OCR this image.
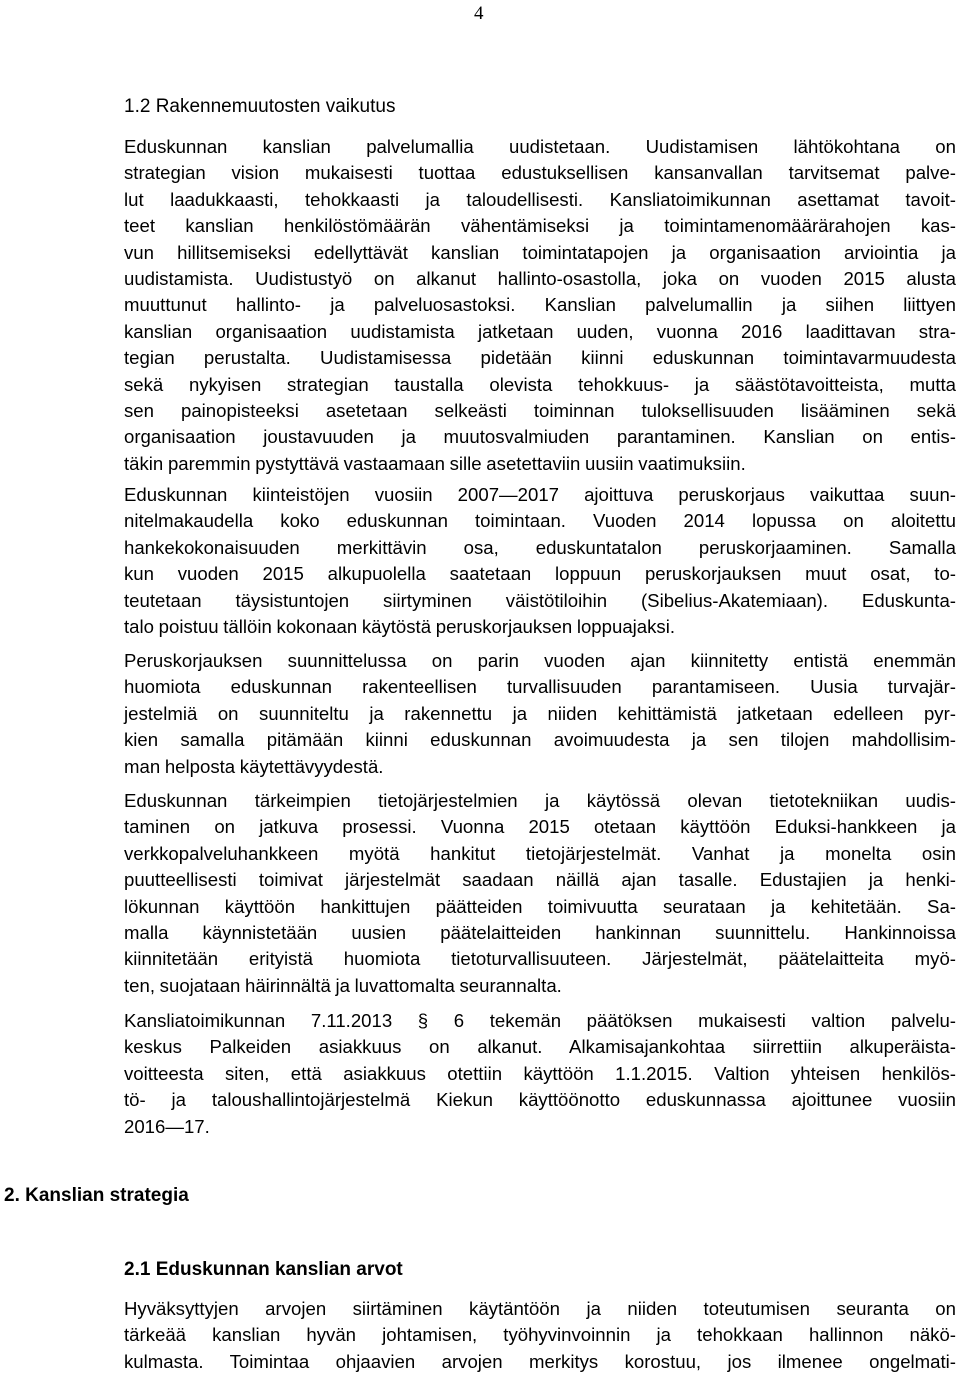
4
1.2 Rakennemuutosten vaikutus
Eduskunnan kanslian palvelumallia uudistetaan. Uudistamisen lähtökohtana on
strategian vision mukaisesti tuottaa edustuksellisen kansanvallan tarvitsemat palve-
lut laadukkaasti, tehokkaasti ja taloudellisesti. Kansliatoimikunnan asettamat tavoit-
teet kanslian henkilöstömäärän vähentämiseksi ja toimintamenomäärärahojen kas-
vun hillitsemiseksi edellyttävät kanslian toimintatapojen ja organisaation arviointia ja
uudistamista. Uudistustyö on alkanut hallinto-osastolla, joka on vuoden 2015 alusta
muuttunut hallinto- ja palveluosastoksi. Kanslian palvelumallin ja siihen liittyen
kanslian organisaation uudistamista jatketaan uuden, vuonna 2016 laadittavan stra-
tegian perustalta. Uudistamisessa pidetään kiinni eduskunnan toimintavarmuudesta
sekä nykyisen strategian taustalla olevista tehokkuus- ja säästötavoitteista, mutta
sen painopisteeksi asetetaan selkeästi toiminnan tuloksellisuuden lisääminen sekä
organisaation joustavuuden ja muutosvalmiuden parantaminen. Kanslian on entis-
täkin paremmin pystyttävä vastaamaan sille asetettaviin uusiin vaatimuksiin.
Eduskunnan kiinteistöjen vuosiin 2007—2017 ajoittuva peruskorjaus vaikuttaa suun-
nitelmakaudella koko eduskunnan toimintaan. Vuoden 2014 lopussa on aloitettu
hankekokonaisuuden merkittävin osa, eduskuntatalon peruskorjaaminen. Samalla
kun vuoden 2015 alkupuolella saatetaan loppuun peruskorjauksen muut osat, to-
teutetaan täysistuntojen siirtyminen väistötiloihin (Sibelius-Akatemiaan). Eduskunta-
talo poistuu tällöin kokonaan käytöstä peruskorjauksen loppuajaksi.
Peruskorjauksen suunnittelussa on parin vuoden ajan kiinnitetty entistä enemmän
huomiota eduskunnan rakenteellisen turvallisuuden parantamiseen. Uusia turvajär-
jestelmiä on suunniteltu ja rakennettu ja niiden kehittämistä jatketaan edelleen pyr-
kien samalla pitämään kiinni eduskunnan avoimuudesta ja sen tilojen mahdollisim-
man helposta käytettävyydestä.
Eduskunnan tärkeimpien tietojärjestelmien ja käytössä olevan tietotekniikan uudis-
taminen on jatkuva prosessi. Vuonna 2015 otetaan käyttöön Eduksi-hankkeen ja
verkkopalveluhankkeen myötä hankitut tietojärjestelmät. Vanhat ja monelta osin
puutteellisesti toimivat järjestelmät saadaan näillä ajan tasalle. Edustajien ja henki-
lökunnan käyttöön hankittujen päätteiden toimivuutta seurataan ja kehitetään. Sa-
malla käynnistetään uusien päätelaitteiden hankinnan suunnittelu. Hankinnoissa
kiinnitetään erityistä huomiota tietoturvallisuuteen. Järjestelmät, päätelaitteita myö-
ten, suojataan häirinnältä ja luvattomalta seurannalta.
Kansliatoimikunnan 7.11.2013 § 6 tekemän päätöksen mukaisesti valtion palvelu-
keskus Palkeiden asiakkuus on alkanut. Alkamisajankohtaa siirrettiin alkuperäista-
voitteesta siten, että asiakkuus otettiin käyttöön 1.1.2015. Valtion yhteisen henkilös-
tö- ja taloushallintojärjestelmä Kiekun käyttöönotto eduskunnassa ajoittunee vuosiin
2016—17.
2. Kanslian strategia
2.1 Eduskunnan kanslian arvot
Hyväksyttyjen arvojen siirtäminen käytäntöön ja niiden toteutumisen seuranta on
tärkeää kanslian hyvän johtamisen, työhyvinvoinnin ja tehokkaan hallinnon näkö-
kulmasta. Toimintaa ohjaavien arvojen merkitys korostuu, jos ilmenee ongelmati-
